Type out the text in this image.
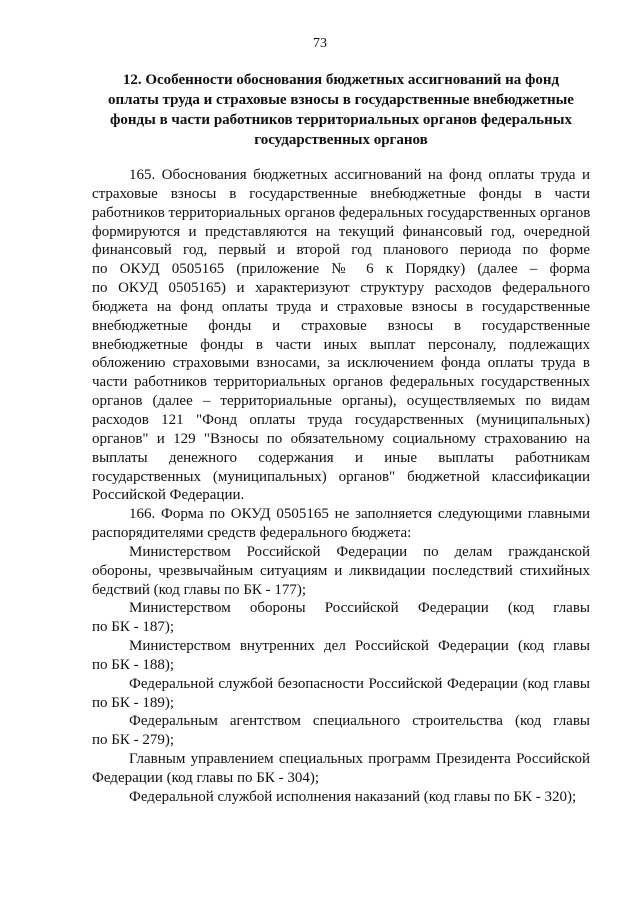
73
12. Особенности обоснования бюджетных ассигнований на фонд
оплаты труда и страховые взносы в государственные внебюджетные
фонды в части работников территориальных органов федеральных
государственных органов
165. Обоснования бюджетных ассигнований на фонд оплаты труда и
страховые взносы в государственные внебюджетные фонды в части
работников территориальных органов федеральных государственных органов
формируются и представляются на текущий финансовый год, очередной
финансовый год, первый и второй год планового периода по форме
по ОКУД 0505165 (приложение № 6 к Порядку) (далее – форма
по ОКУД 0505165) и характеризуют структуру расходов федерального
бюджета на фонд оплаты труда и страховые взносы в государственные
внебюджетные фонды и страховые взносы в государственные
внебюджетные фонды в части иных выплат персоналу, подлежащих
обложению страховыми взносами, за исключением фонда оплаты труда в
части работников территориальных органов федеральных государственных
органов (далее – территориальные органы), осуществляемых по видам
расходов 121 "Фонд оплаты труда государственных (муниципальных)
органов" и 129 "Взносы по обязательному социальному страхованию на
выплаты денежного содержания и иные выплаты работникам
государственных (муниципальных) органов" бюджетной классификации
Российской Федерации.
166. Форма по ОКУД 0505165 не заполняется следующими главными
распорядителями средств федерального бюджета:
Министерством Российской Федерации по делам гражданской
обороны, чрезвычайным ситуациям и ликвидации последствий стихийных
бедствий (код главы по БК - 177);
Министерством обороны Российской Федерации (код главы
по БК - 187);
Министерством внутренних дел Российской Федерации (код главы
по БК - 188);
Федеральной службой безопасности Российской Федерации (код главы
по БК - 189);
Федеральным агентством специального строительства (код главы
по БК - 279);
Главным управлением специальных программ Президента Российской
Федерации (код главы по БК - 304);
Федеральной службой исполнения наказаний (код главы по БК - 320);
